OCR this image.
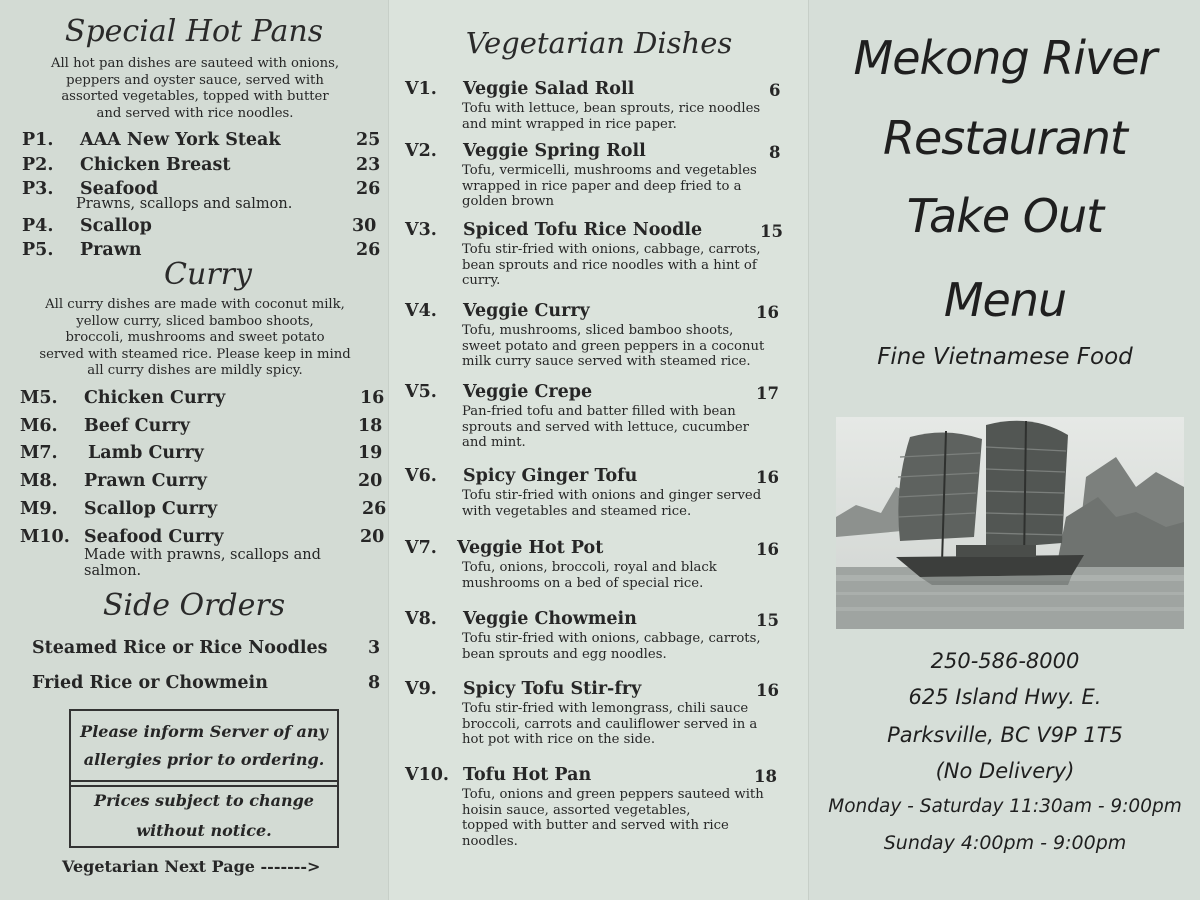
Special Hot Pans
All hot pan dishes are sauteed with onions,
peppers and oyster sauce, served with
assorted vegetables, topped with butter
and served with rice noodles.
P1. AAA New York Steak	25
P2. Chicken Breast	23
P3. Seafood	26
Prawns, scallops and salmon.
P4. Scallop	30
P5. Prawn	26
Curry
All curry dishes are made with coconut milk,
yellow curry, sliced bamboo shoots,
broccoli, mushrooms and sweet potato
served with steamed rice. Please keep in mind
all curry dishes are mildly spicy.
M5. Chicken Curry	16
M6. Beef Curry	18
M7. Lamb Curry	19
M8. Prawn Curry	20
M9. Scallop Curry	26
M10. Seafood Curry	20
Made with prawns, scallops and
salmon.
Side Orders
Steamed Rice or Rice Noodles 3
Fried Rice or Chowmein	8
Please inform Server of any
allergies prior to ordering.
Prices subject to change
without notice.
Vegetarian Next Page ------->
Vegetarian Dishes
V1. Veggie Salad Roll	6
Tofu with lettuce, bean sprouts, rice noodles
and mint wrapped in rice paper.
V2. Veggie Spring Roll	8
Tofu, vermicelli, mushrooms and vegetables
wrapped in rice paper and deep fried to a
golden brown
V3. Spiced Tofu Rice Noodle	15
Tofu stir-fried with onions, cabbage, carrots,
bean sprouts and rice noodles with a hint of
curry.
V4. Veggie Curry	16
Tofu, mushrooms, sliced bamboo shoots,
sweet potato and green peppers in a coconut
milk curry sauce served with steamed rice.
V5. Veggie Crepe	17
Pan-fried tofu and batter filled with bean
sprouts and served with lettuce, cucumber
and mint.
V6. Spicy Ginger Tofu	16
Tofu stir-fried with onions and ginger served
with vegetables and steamed rice.
V7. Veggie Hot Pot	16
Tofu, onions, broccoli, royal and black
mushrooms on a bed of special rice.
V8. Veggie Chowmein	15
Tofu stir-fried with onions, cabbage, carrots,
bean sprouts and egg noodles.
V9. Spicy Tofu Stir-fry	16
Tofu stir-fried with lemongrass, chili sauce
broccoli, carrots and cauliflower served in a
hot pot with rice on the side.
V10. Tofu Hot Pan	18
Tofu, onions and green peppers sauteed with
hoisin sauce, assorted vegetables,
topped with butter and served with rice
noodles.
Mekong River
Restaurant
Take Out
Menu
Fine Vietnamese Food
250-586-8000
625 Island Hwy. E.
Parksville, BC V9P 1T5
(No Delivery)
Monday - Saturday 11:30am - 9:00pm
Sunday 4:00pm - 9:00pm
